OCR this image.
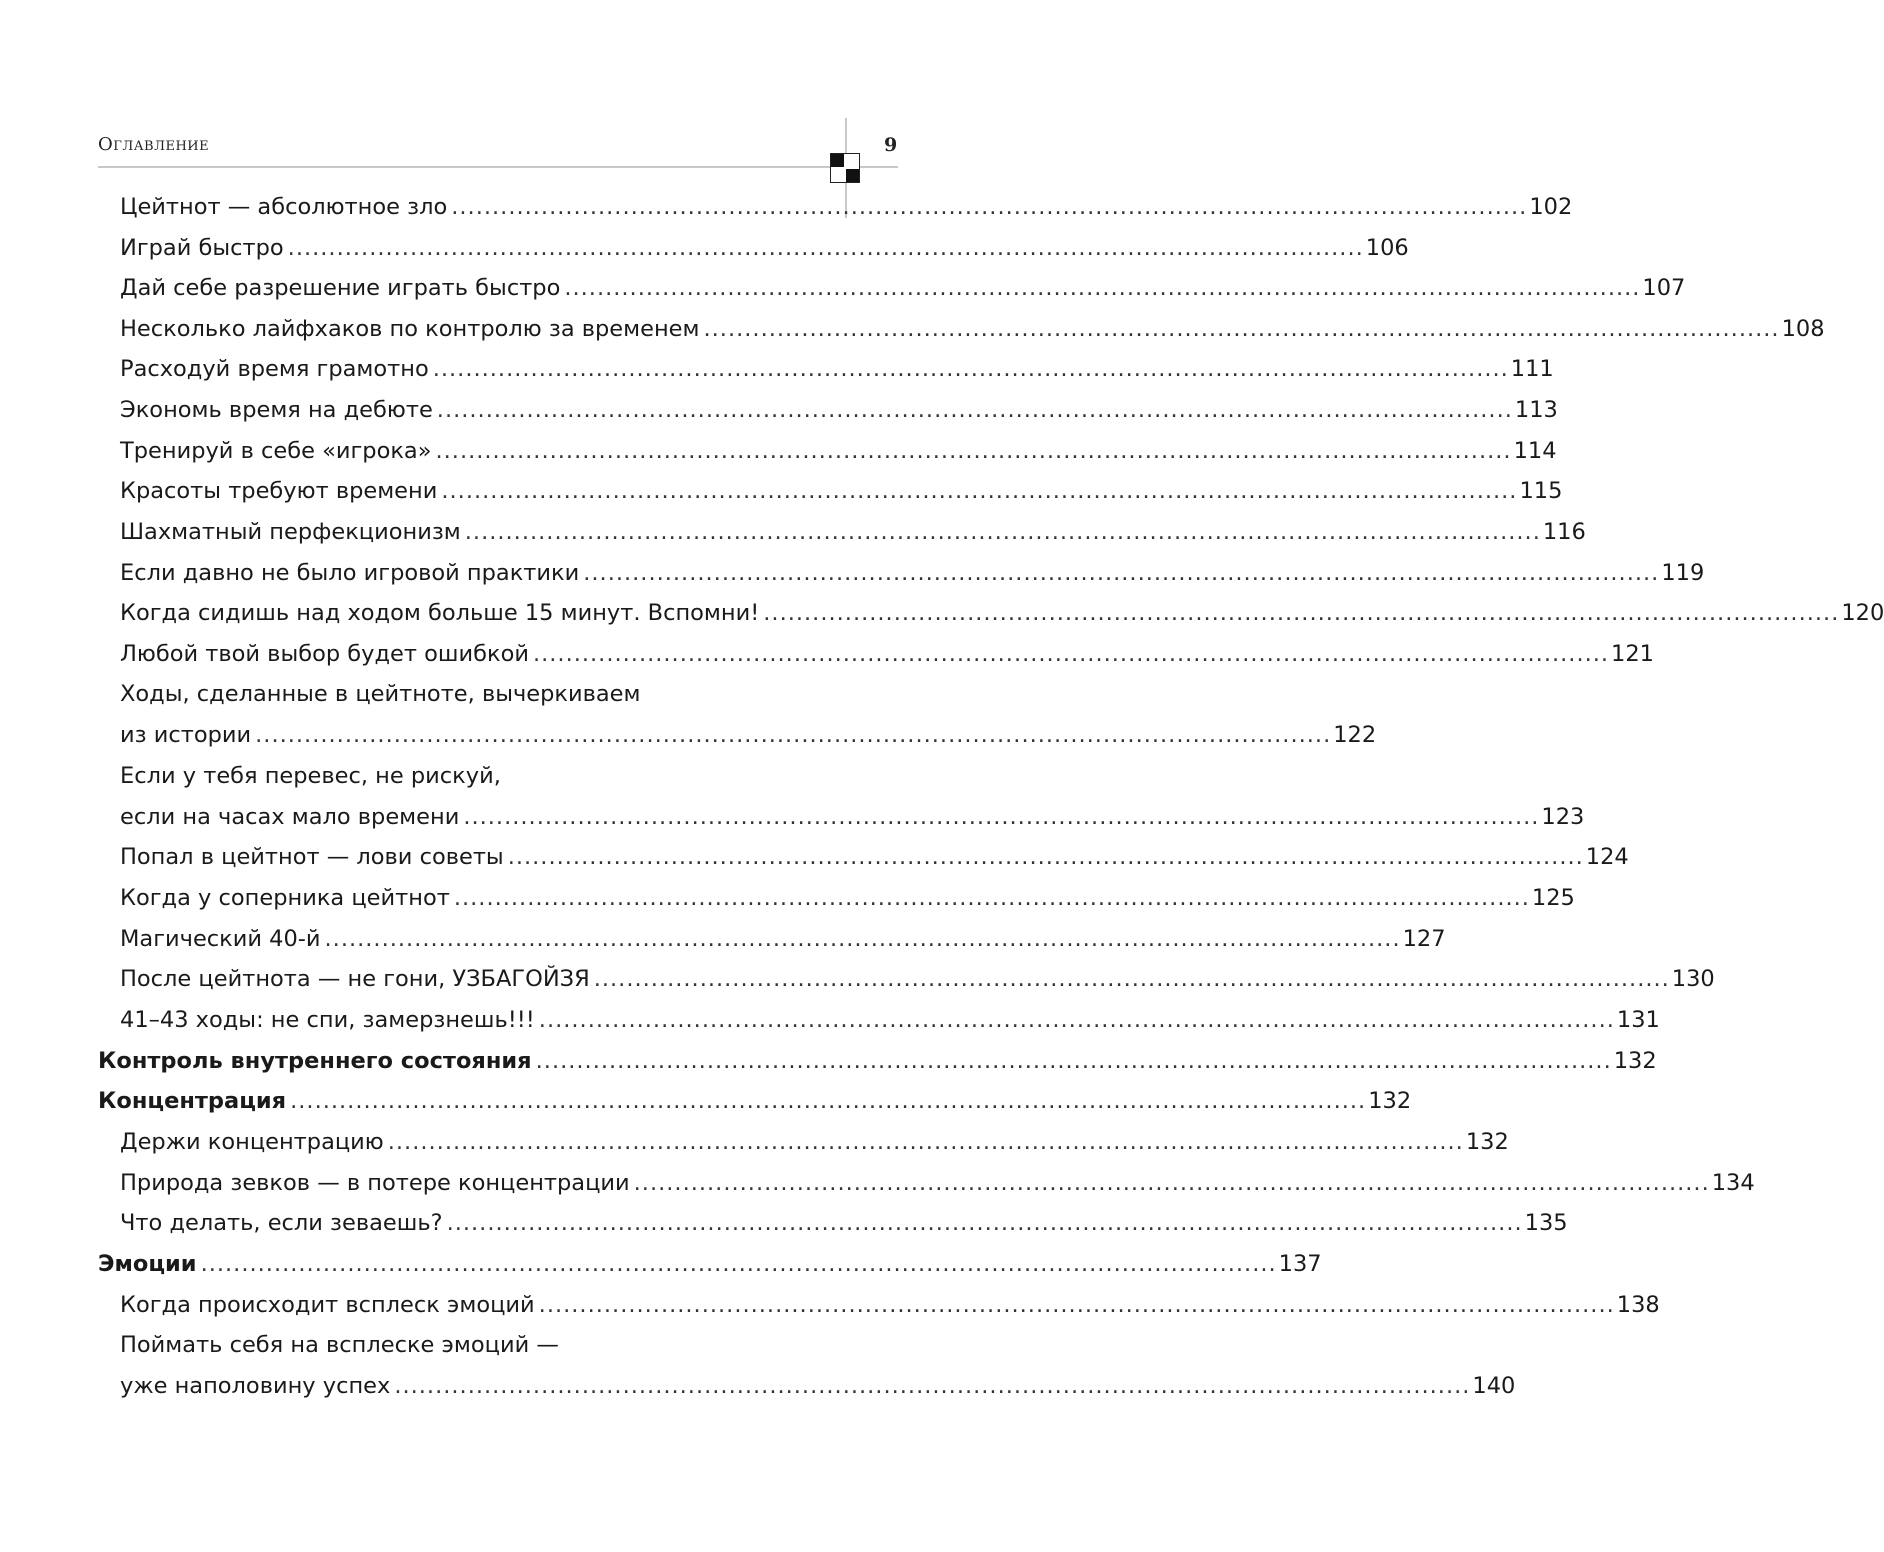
Оглавление	9
Цейтнот — абсолютное зло .................................................................................................................................... 102
Играй быстро .................................................................................................................................... 106
Дай себе разрешение играть быстро .................................................................................................................................... 107
Несколько лайфхаков по контролю за временем .................................................................................................................................... 108
Расходуй время грамотно .................................................................................................................................... 111
Экономь время на дебюте .................................................................................................................................... 113
Тренируй в себе «игрока» .................................................................................................................................... 114
Красоты требуют времени .................................................................................................................................... 115
Шахматный перфекционизм .................................................................................................................................... 116
Если давно не было игровой практики .................................................................................................................................... 119
Когда сидишь над ходом больше 15 минут. Вспомни! .................................................................................................................................... 120
Любой твой выбор будет ошибкой .................................................................................................................................... 121
Ходы, сделанные в цейтноте, вычеркиваем
из истории .................................................................................................................................... 122
Если у тебя перевес, не рискуй,
если на часах мало времени .................................................................................................................................... 123
Попал в цейтнот — лови советы .................................................................................................................................... 124
Когда у соперника цейтнот .................................................................................................................................... 125
Магический 40-й .................................................................................................................................... 127
После цейтнота — не гони, УЗБАГОЙЗЯ .................................................................................................................................... 130
41–43 ходы: не спи, замерзнешь!!! .................................................................................................................................... 131
Контроль внутреннего состояния .................................................................................................................................... 132
Концентрация .................................................................................................................................... 132
Держи концентрацию .................................................................................................................................... 132
Природа зевков — в потере концентрации .................................................................................................................................... 134
Что делать, если зеваешь? .................................................................................................................................... 135
Эмоции .................................................................................................................................... 137
Когда происходит всплеск эмоций .................................................................................................................................... 138
Поймать себя на всплеске эмоций —
уже наполовину успех .................................................................................................................................... 140
